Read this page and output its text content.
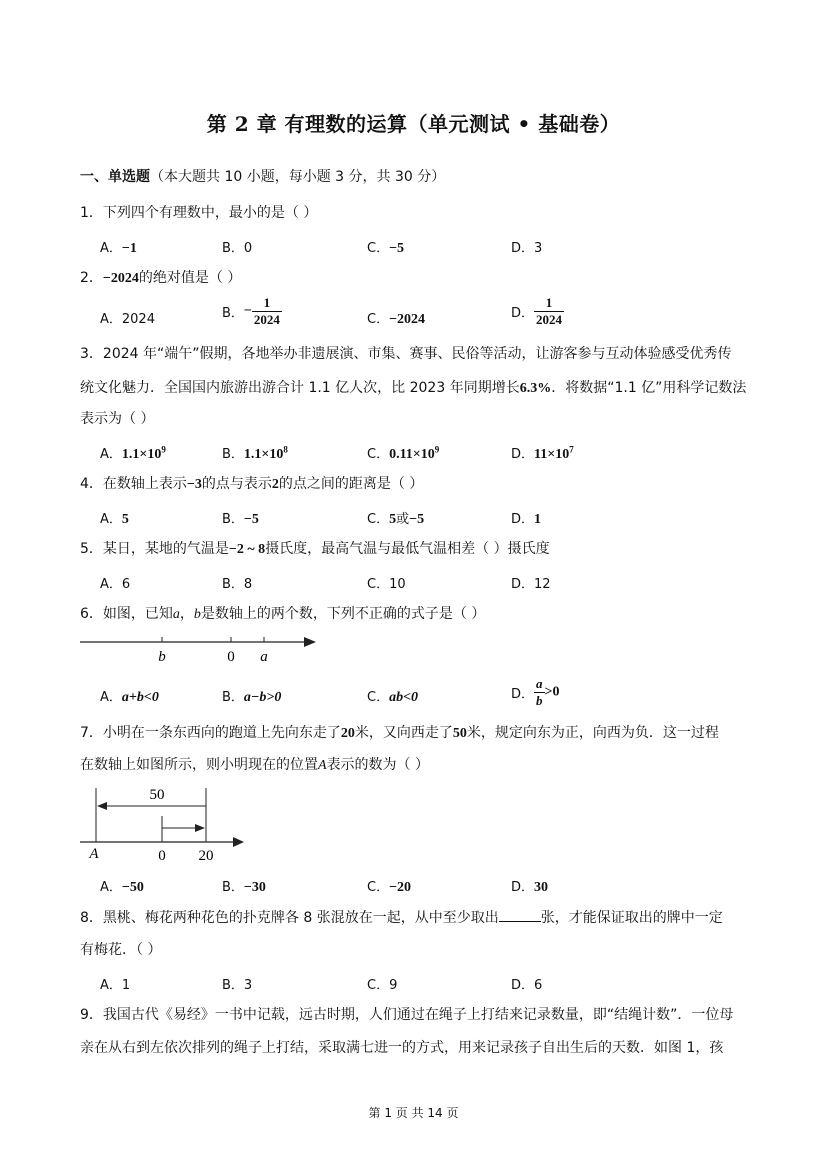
第 2 章 有理数的运算（单元测试 • 基础卷）
一、单选题（本大题共 10 小题，每小题 3 分，共 30 分）
1．下列四个有理数中，最小的是（ ）
A．−1	B．0	C．−5	D．3
2．−2024的绝对值是（ ）
A．2024	B．− $\frac{1}{2024}$	C．−2024	D． $\frac{1}{2024}$
3．2024 年“端午”假期，各地举办非遗展演、市集、赛事、民俗等活动，让游客参与互动体验感受优秀传
统文化魅力．全国国内旅游出游合计 1.1 亿人次，比 2023 年同期增长6.3%．将数据“1.1 亿”用科学记数法
表示为（ ）
A．$1.1\times 10^9$	B．$1.1\times 10^8$	C．$0.11\times 10^9$	D．$11\times 10^7$
4．在数轴上表示−3的点与表示2的点之间的距离是（ ）
A．5	B．−5	C．5或−5	D．1
5．某日，某地的气温是−2 ~ 8摄氏度，最高气温与最低气温相差（ ）摄氏度
A．6	B．8	C．10	D．12
6．如图，已知a，b是数轴上的两个数，下列不正确的式子是（ ）
b	0 a
A．a+b<0	B．a−b>0	C．ab<0	D． $\frac{a}{b} >0$
7．小明在一条东西向的跑道上先向东走了20米，又向西走了50米，规定向东为正，向西为负．这一过程
在数轴上如图所示，则小明现在的位置A表示的数为（ ）
50
A	0 20
A．−50	B．−30	C．−20	D．30
8．黑桃、梅花两种花色的扑克牌各 8 张混放在一起，从中至少取出	张，才能保证取出的牌中一定
有梅花．（ ）
A．1	B．3	C．9	D．6
9．我国古代《易经》一书中记载，远古时期，人们通过在绳子上打结来记录数量，即“结绳计数”．一位母
亲在从右到左依次排列的绳子上打结，采取满七进一的方式，用来记录孩子自出生后的天数．如图 1，孩
第 1 页 共 14 页
